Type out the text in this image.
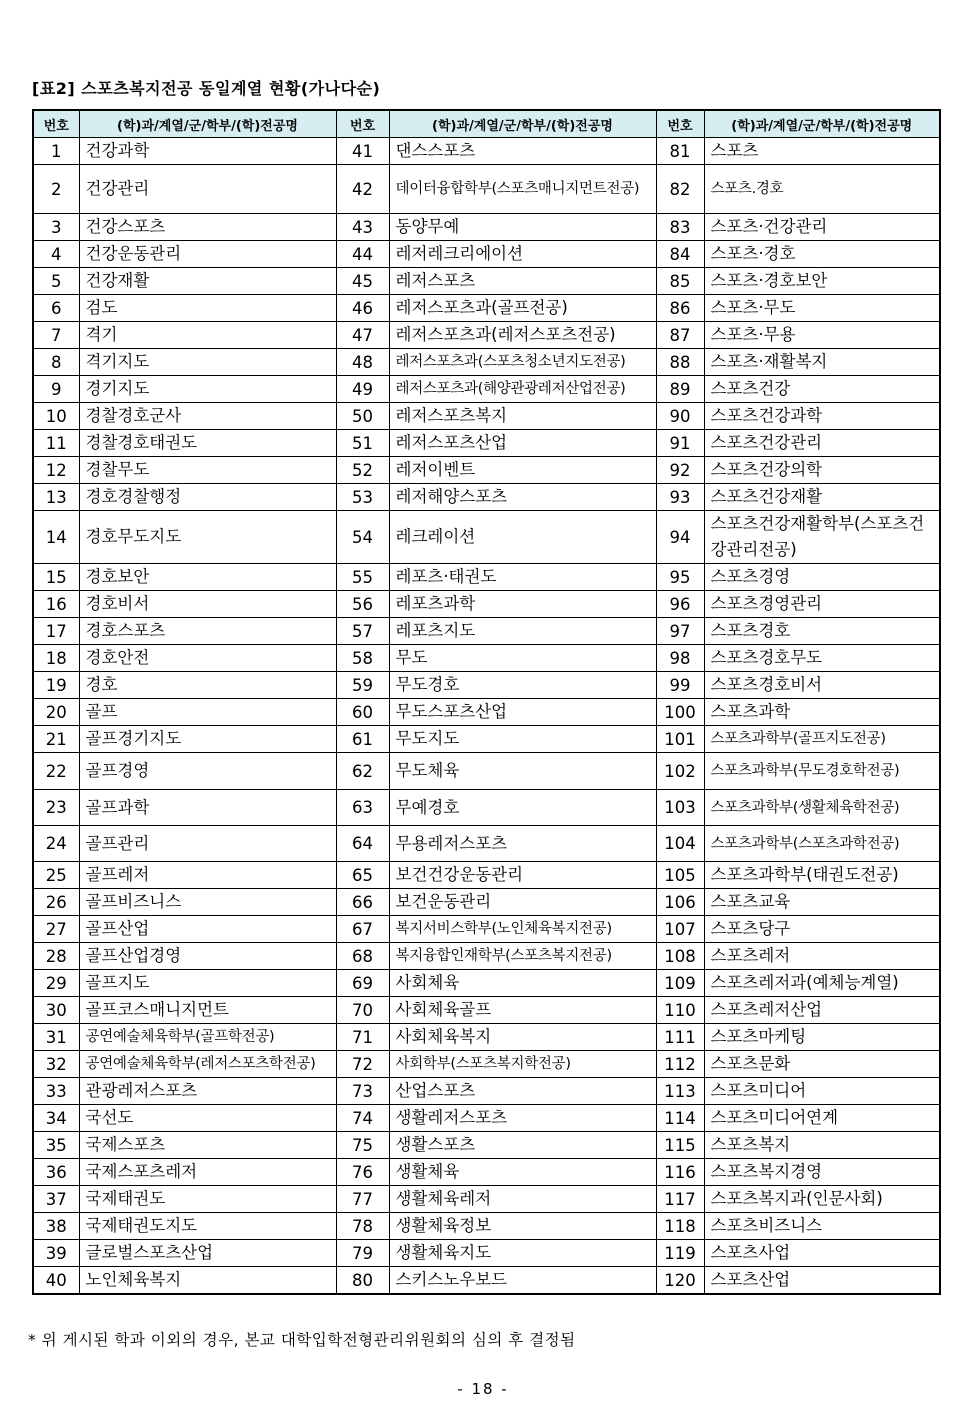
[표2] 스포츠복지전공 동일계열 현황(가나다순)
번호	(학)과/계열/군/학부/(학)전공명	번호	(학)과/계열/군/학부/(학)전공명	번호	(학)과/계열/군/학부/(학)전공명
1	건강과학	41	댄스스포츠	81	스포츠
2	건강관리	42	데이터융합학부(스포츠매니지먼트전공)	82	스포츠.경호
3	건강스포츠	43	동양무예	83	스포츠·건강관리
4	건강운동관리	44	레저레크리에이션	84	스포츠·경호
5	건강재활	45	레저스포츠	85	스포츠·경호보안
6	검도	46	레저스포츠과(골프전공)	86	스포츠·무도
7	격기	47	레저스포츠과(레저스포츠전공)	87	스포츠·무용
8	격기지도	48	레저스포츠과(스포츠청소년지도전공)	88	스포츠·재활복지
9	경기지도	49	레저스포츠과(해양관광레저산업전공)	89	스포츠건강
10	경찰경호군사	50	레저스포츠복지	90	스포츠건강과학
11	경찰경호태권도	51	레저스포츠산업	91	스포츠건강관리
12	경찰무도	52	레저이벤트	92	스포츠건강의학
13	경호경찰행정	53	레저해양스포츠	93	스포츠건강재활
14	경호무도지도	54	레크레이션	94	스포츠건강재활학부(스포츠건강관리전공)
15	경호보안	55	레포츠·태권도	95	스포츠경영
16	경호비서	56	레포츠과학	96	스포츠경영관리
17	경호스포츠	57	레포츠지도	97	스포츠경호
18	경호안전	58	무도	98	스포츠경호무도
19	경호	59	무도경호	99	스포츠경호비서
20	골프	60	무도스포츠산업	100	스포츠과학
21	골프경기지도	61	무도지도	101	스포츠과학부(골프지도전공)
22	골프경영	62	무도체육	102	스포츠과학부(무도경호학전공)
23	골프과학	63	무예경호	103	스포츠과학부(생활체육학전공)
24	골프관리	64	무용레저스포츠	104	스포츠과학부(스포츠과학전공)
25	골프레저	65	보건건강운동관리	105	스포츠과학부(태권도전공)
26	골프비즈니스	66	보건운동관리	106	스포츠교육
27	골프산업	67	복지서비스학부(노인체육복지전공)	107	스포츠당구
28	골프산업경영	68	복지융합인재학부(스포츠복지전공)	108	스포츠레저
29	골프지도	69	사회체육	109	스포츠레저과(예체능계열)
30	골프코스매니지먼트	70	사회체육골프	110	스포츠레저산업
31	공연예술체육학부(골프학전공)	71	사회체육복지	111	스포츠마케팅
32	공연예술체육학부(레저스포츠학전공)	72	사회학부(스포츠복지학전공)	112	스포츠문화
33	관광레저스포츠	73	산업스포츠	113	스포츠미디어
34	국선도	74	생활레저스포츠	114	스포츠미디어연계
35	국제스포츠	75	생활스포츠	115	스포츠복지
36	국제스포츠레저	76	생활체육	116	스포츠복지경영
37	국제태권도	77	생활체육레저	117	스포츠복지과(인문사회)
38	국제태권도지도	78	생활체육정보	118	스포츠비즈니스
39	글로벌스포츠산업	79	생활체육지도	119	스포츠사업
40	노인체육복지	80	스키스노우보드	120	스포츠산업
* 위 게시된 학과 이외의 경우, 본교 대학입학전형관리위원회의 심의 후 결정됨
- 18 -
